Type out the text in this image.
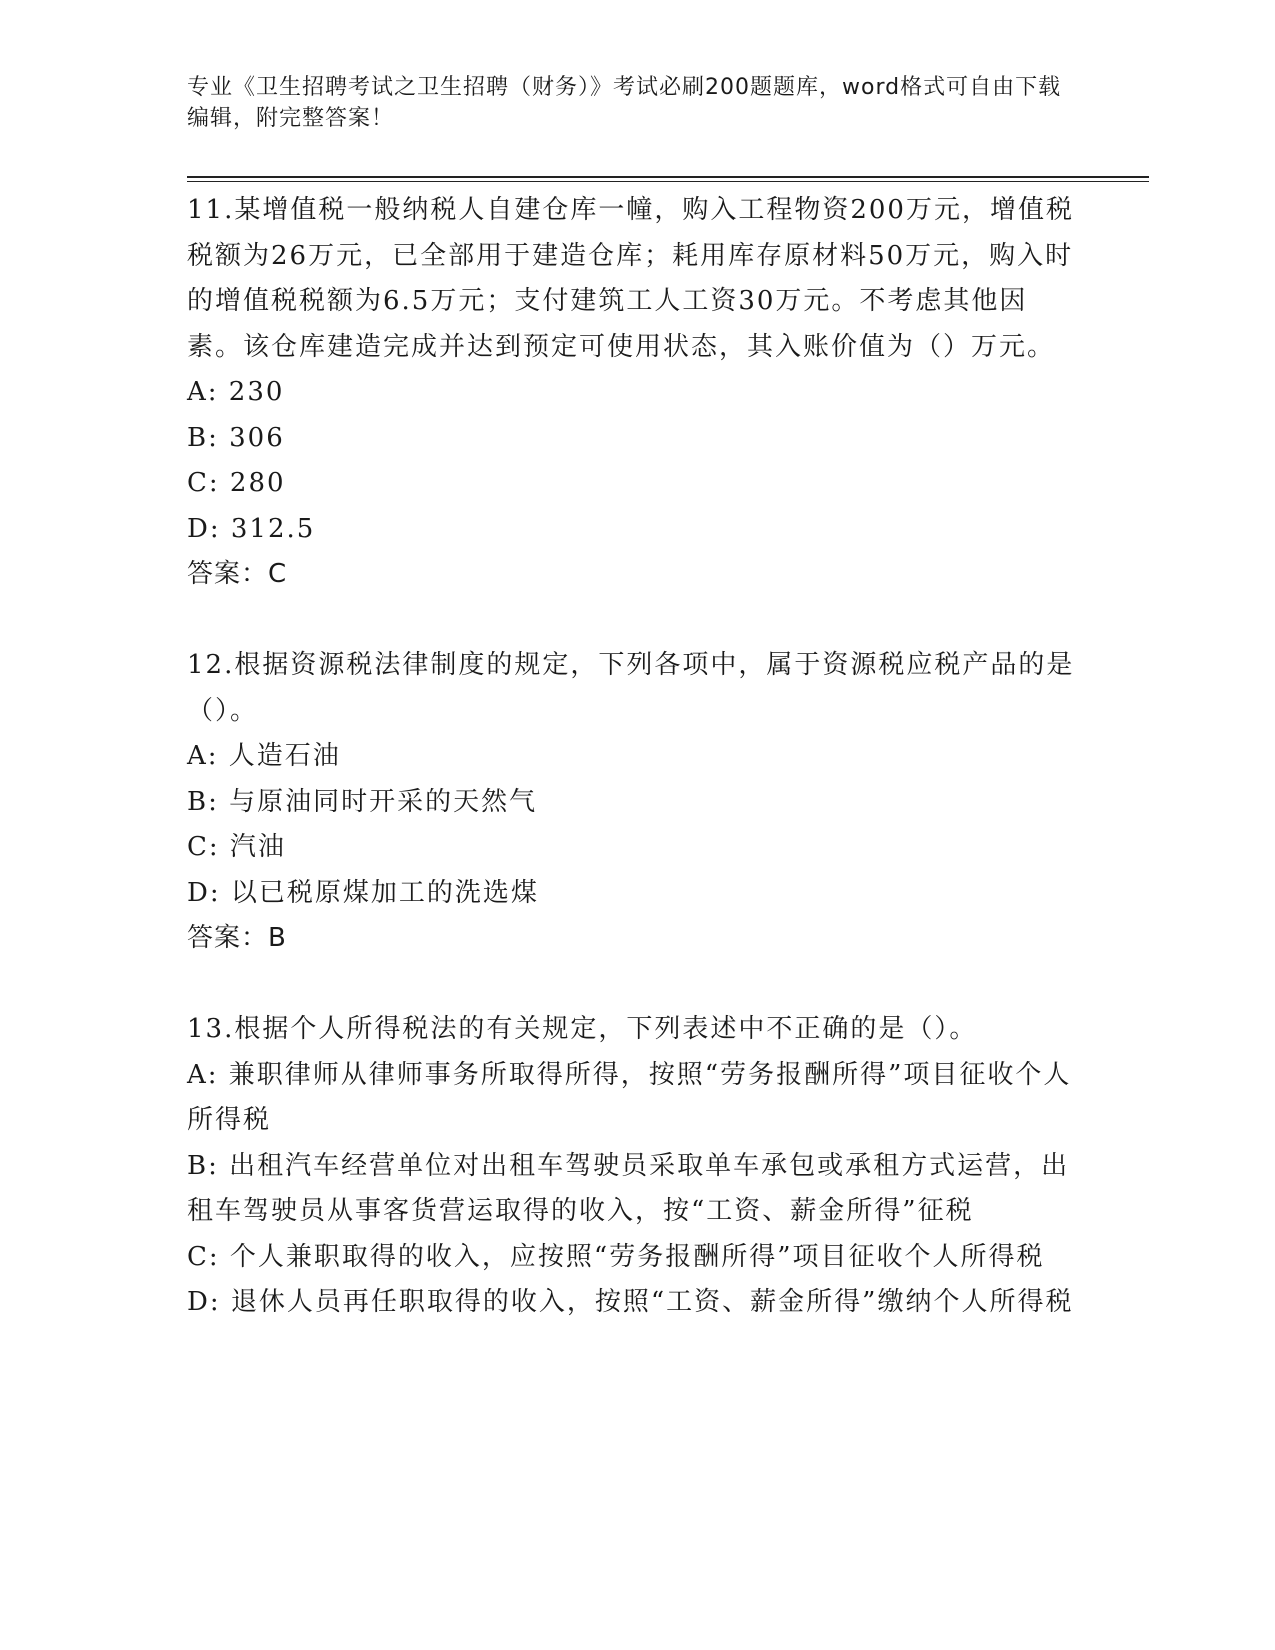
专业《卫生招聘考试之卫生招聘（财务）》考试必刷200题题库，word格式可自由下载编辑，附完整答案！

11.某增值税一般纳税人自建仓库一幢，购入工程物资200万元，增值税税额为26万元，已全部用于建造仓库；耗用库存原材料50万元，购入时的增值税税额为6.5万元；支付建筑工人工资30万元。不考虑其他因素。该仓库建造完成并达到预定可使用状态，其入账价值为（）万元。

A: 230

B: 306

C: 280

D: 312.5

答案：C

12.根据资源税法律制度的规定，下列各项中，属于资源税应税产品的是（）。

A: 人造石油

B: 与原油同时开采的天然气

C: 汽油

D: 以已税原煤加工的洗选煤

答案：B

13.根据个人所得税法的有关规定，下列表述中不正确的是（）。

A: 兼职律师从律师事务所取得所得，按照“劳务报酬所得”项目征收个人所得税

B: 出租汽车经营单位对出租车驾驶员采取单车承包或承租方式运营，出租车驾驶员从事客货营运取得的收入，按“工资、薪金所得”征税

C: 个人兼职取得的收入，应按照“劳务报酬所得”项目征收个人所得税

D: 退休人员再任职取得的收入，按照“工资、薪金所得”缴纳个人所得税
